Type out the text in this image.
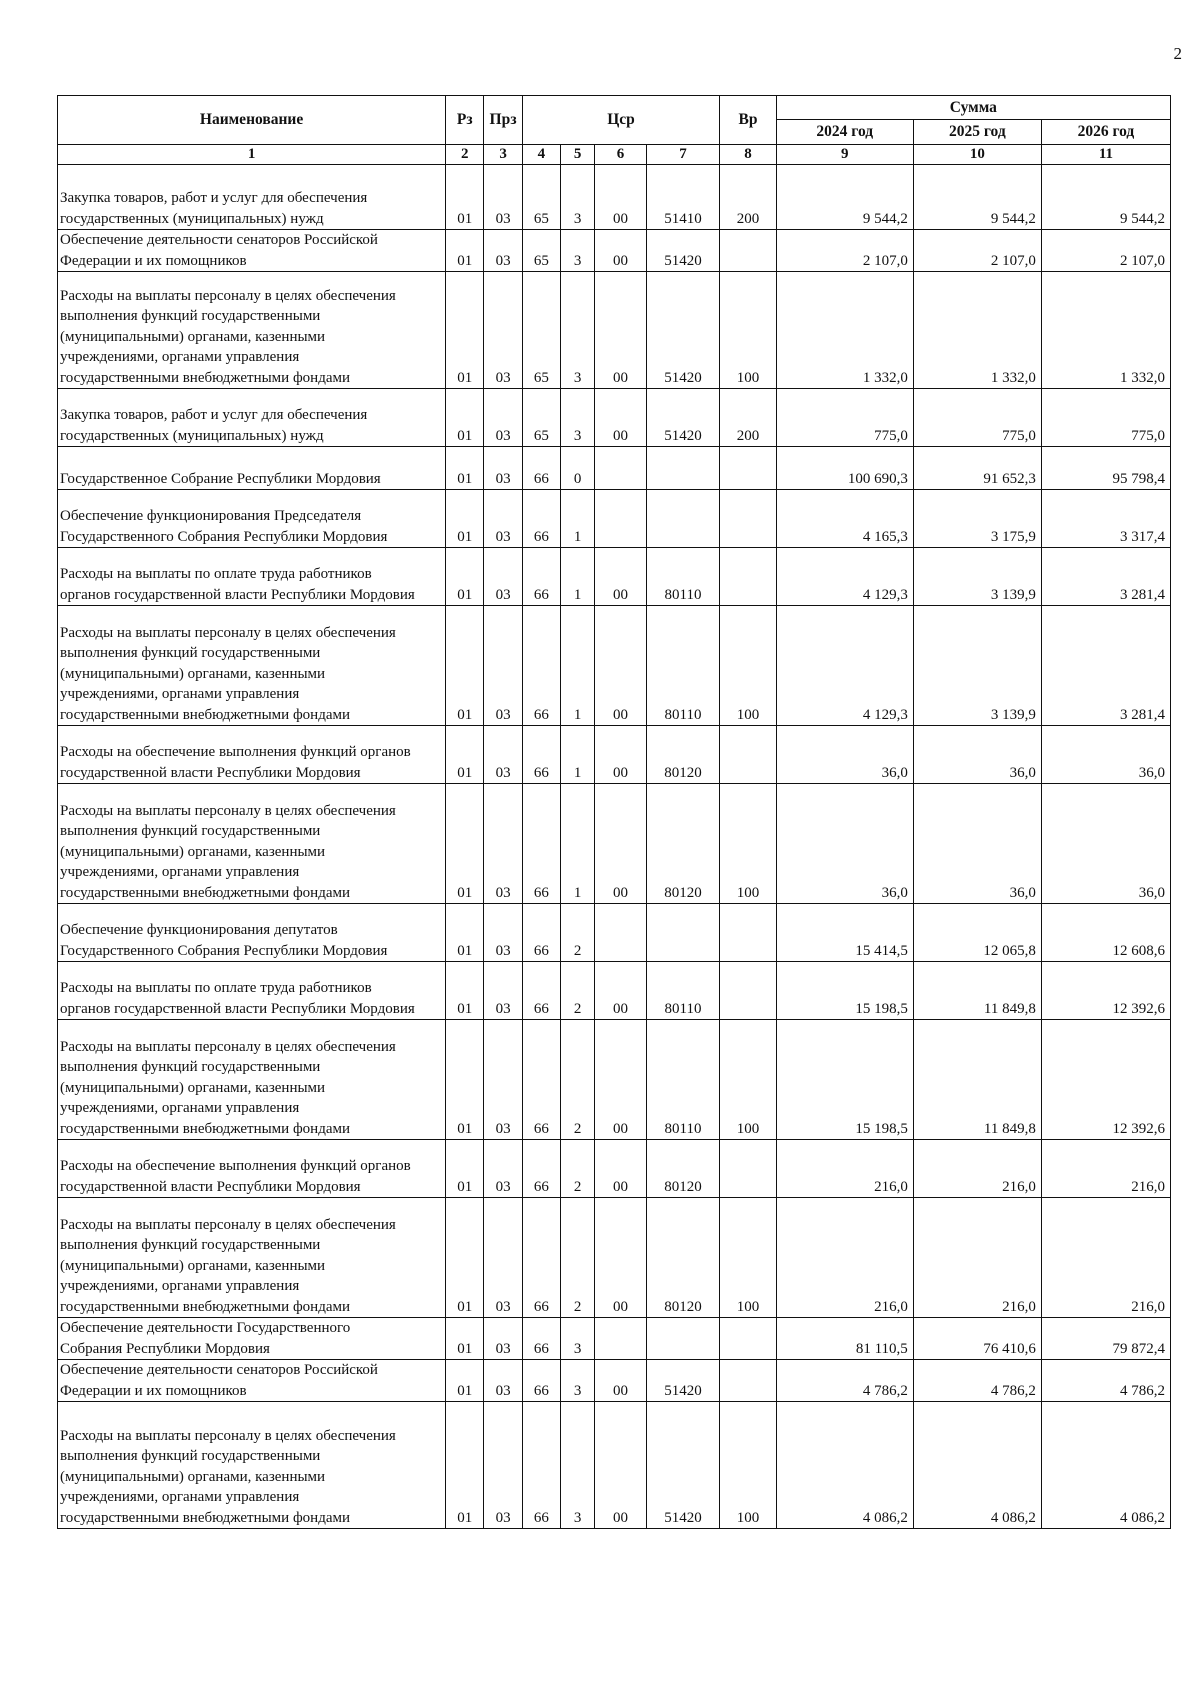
2
Наименование	Рз	Прз	Цср				Вр	Сумма		
								2024 год	2025 год	2026 год
1	2	3	4	5	6	7	8	9	10	11
Закупка товаров, работ и услуг для обеспечения
государственных (муниципальных) нужд	01	03	65	3	00	51410	200	9 544,2	9 544,2	9 544,2
Обеспечение деятельности сенаторов Российской
Федерации и их помощников	01	03	65	3	00	51420		2 107,0	2 107,0	2 107,0
Расходы на выплаты персоналу в целях обеспечения
выполнения функций государственными
(муниципальными) органами, казенными
учреждениями, органами управления
государственными внебюджетными фондами	01	03	65	3	00	51420	100	1 332,0	1 332,0	1 332,0
Закупка товаров, работ и услуг для обеспечения
государственных (муниципальных) нужд	01	03	65	3	00	51420	200	775,0	775,0	775,0
Государственное Собрание Республики Мордовия	01	03	66	0				100 690,3	91 652,3	95 798,4
Обеспечение функционирования Председателя
Государственного Собрания Республики Мордовия	01	03	66	1				4 165,3	3 175,9	3 317,4
Расходы на выплаты по оплате труда работников
органов государственной власти Республики Мордовия	01	03	66	1	00	80110		4 129,3	3 139,9	3 281,4
Расходы на выплаты персоналу в целях обеспечения
выполнения функций государственными
(муниципальными) органами, казенными
учреждениями, органами управления
государственными внебюджетными фондами	01	03	66	1	00	80110	100	4 129,3	3 139,9	3 281,4
Расходы на обеспечение выполнения функций органов
государственной власти Республики Мордовия	01	03	66	1	00	80120		36,0	36,0	36,0
Расходы на выплаты персоналу в целях обеспечения
выполнения функций государственными
(муниципальными) органами, казенными
учреждениями, органами управления
государственными внебюджетными фондами	01	03	66	1	00	80120	100	36,0	36,0	36,0
Обеспечение функционирования депутатов
Государственного Собрания Республики Мордовия	01	03	66	2				15 414,5	12 065,8	12 608,6
Расходы на выплаты по оплате труда работников
органов государственной власти Республики Мордовия	01	03	66	2	00	80110		15 198,5	11 849,8	12 392,6
Расходы на выплаты персоналу в целях обеспечения
выполнения функций государственными
(муниципальными) органами, казенными
учреждениями, органами управления
государственными внебюджетными фондами	01	03	66	2	00	80110	100	15 198,5	11 849,8	12 392,6
Расходы на обеспечение выполнения функций органов
государственной власти Республики Мордовия	01	03	66	2	00	80120		216,0	216,0	216,0
Расходы на выплаты персоналу в целях обеспечения
выполнения функций государственными
(муниципальными) органами, казенными
учреждениями, органами управления
государственными внебюджетными фондами	01	03	66	2	00	80120	100	216,0	216,0	216,0
Обеспечение деятельности Государственного
Собрания Республики Мордовия	01	03	66	3				81 110,5	76 410,6	79 872,4
Обеспечение деятельности сенаторов Российской
Федерации и их помощников	01	03	66	3	00	51420		4 786,2	4 786,2	4 786,2
Расходы на выплаты персоналу в целях обеспечения
выполнения функций государственными
(муниципальными) органами, казенными
учреждениями, органами управления
государственными внебюджетными фондами	01	03	66	3	00	51420	100	4 086,2	4 086,2	4 086,2
